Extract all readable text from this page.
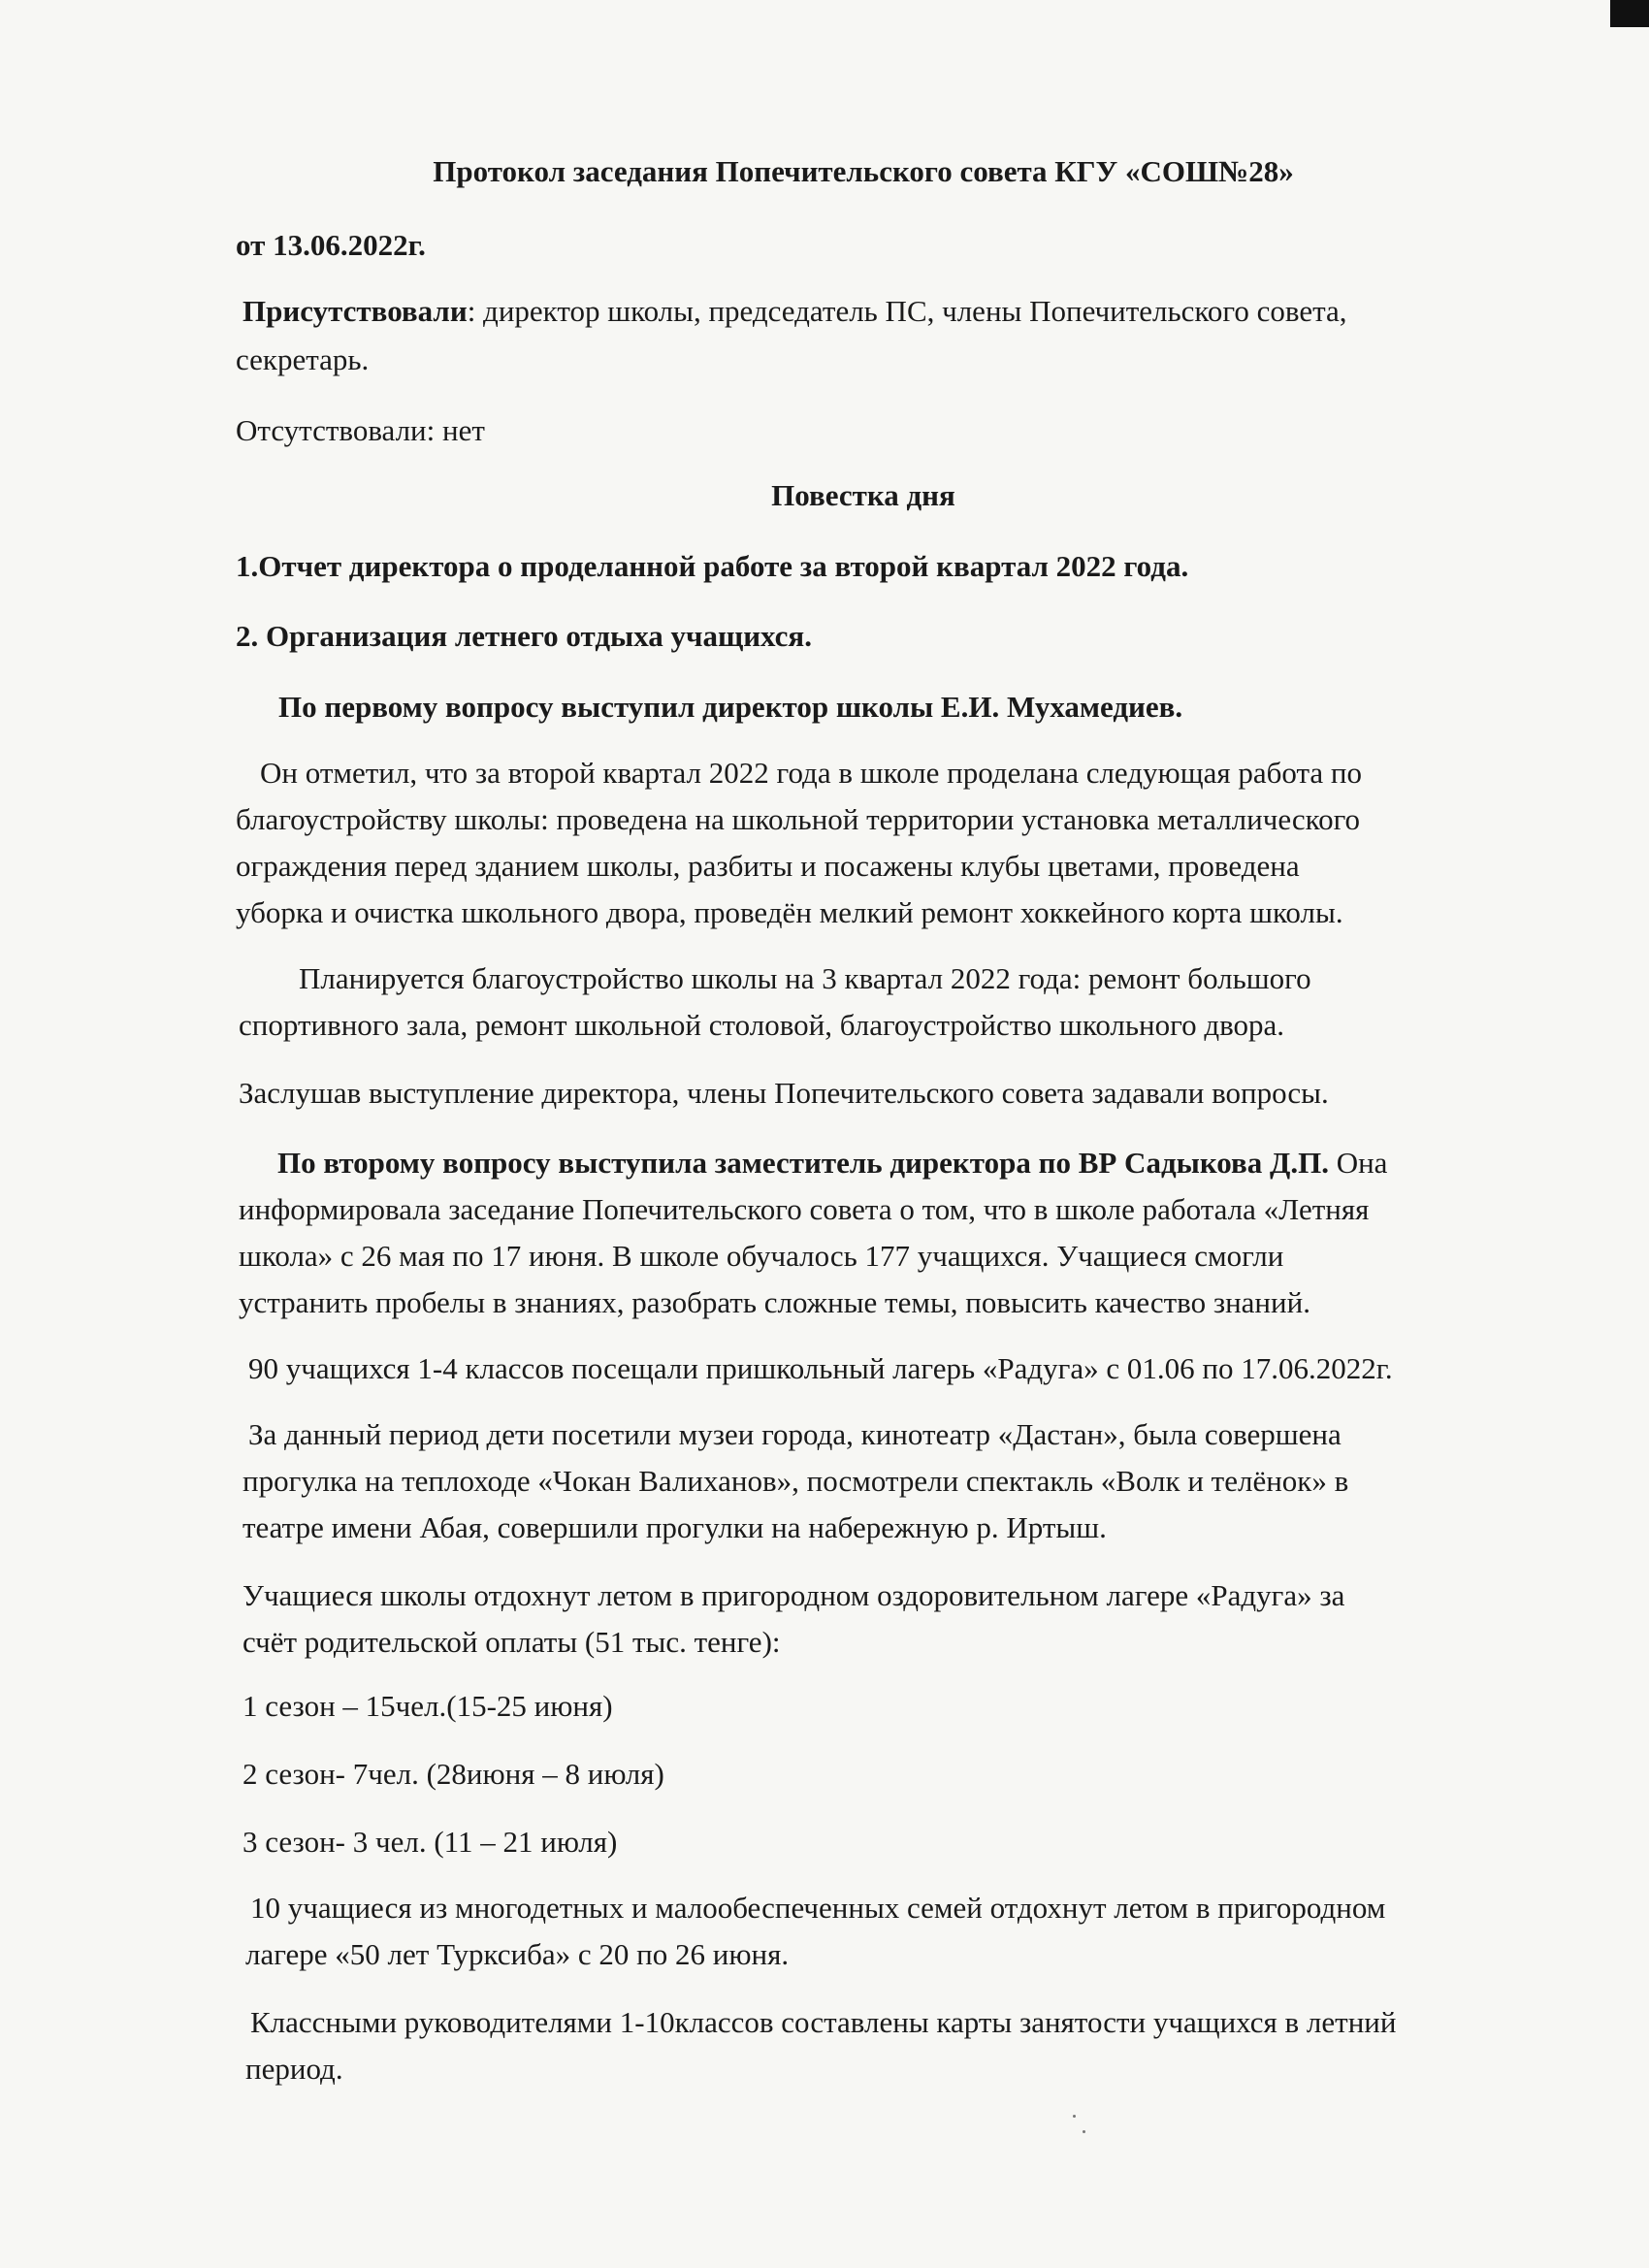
Протокол заседания Попечительского совета КГУ «СОШ№28»
от 13.06.2022г.
Присутствовали: директор школы, председатель ПС, члены Попечительского совета,
секретарь.
Отсутствовали: нет
Повестка дня
1.Отчет директора о проделанной работе за второй квартал 2022 года.
2. Организация летнего отдыха учащихся.
По первому вопросу выступил директор школы Е.И. Мухамедиев.
Он отметил, что за второй квартал 2022 года в школе проделана следующая работа по
благоустройству школы: проведена на школьной территории установка металлического
ограждения перед зданием школы, разбиты и посажены клубы цветами, проведена
уборка и очистка школьного двора, проведён мелкий ремонт хоккейного корта школы.
Планируется благоустройство школы на 3 квартал 2022 года: ремонт большого
спортивного зала, ремонт школьной столовой, благоустройство школьного двора.
Заслушав выступление директора, члены Попечительского совета задавали вопросы.
По второму вопросу выступила заместитель директора по ВР Садыкова Д.П. Она
информировала заседание Попечительского совета о том, что в школе работала «Летняя
школа» с 26 мая по 17 июня. В школе обучалось 177 учащихся. Учащиеся смогли
устранить пробелы в знаниях, разобрать сложные темы, повысить качество знаний.
90 учащихся 1-4 классов посещали пришкольный лагерь «Радуга» с 01.06 по 17.06.2022г.
За данный период дети посетили музеи города, кинотеатр «Дастан», была совершена
прогулка на теплоходе «Чокан Валиханов», посмотрели спектакль «Волк и телёнок» в
театре имени Абая, совершили прогулки на набережную р. Иртыш.
Учащиеся школы отдохнут летом в пригородном оздоровительном лагере «Радуга» за
счёт родительской оплаты (51 тыс. тенге):
1 сезон – 15чел.(15-25 июня)
2 сезон- 7чел. (28июня – 8 июля)
3 сезон- 3 чел. (11 – 21 июля)
10 учащиеся из многодетных и малообеспеченных семей отдохнут летом в пригородном
лагере «50 лет Турксиба» с 20 по 26 июня.
Классными руководителями 1-10классов составлены карты занятости учащихся в летний
период.
